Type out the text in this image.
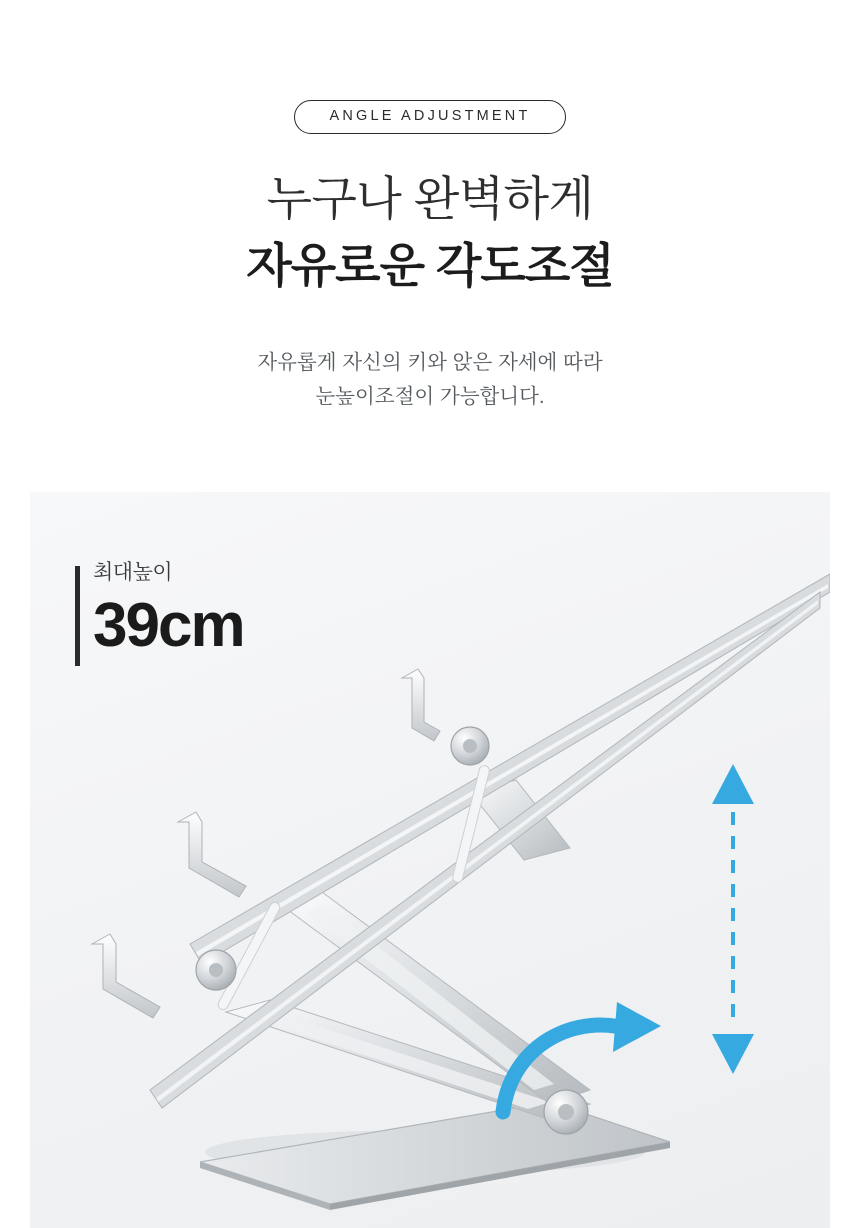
ANGLE ADJUSTMENT
누구나 완벽하게
자유로운 각도조절
자유롭게 자신의 키와 앉은 자세에 따라
눈높이조절이 가능합니다.
최대높이
39cm
